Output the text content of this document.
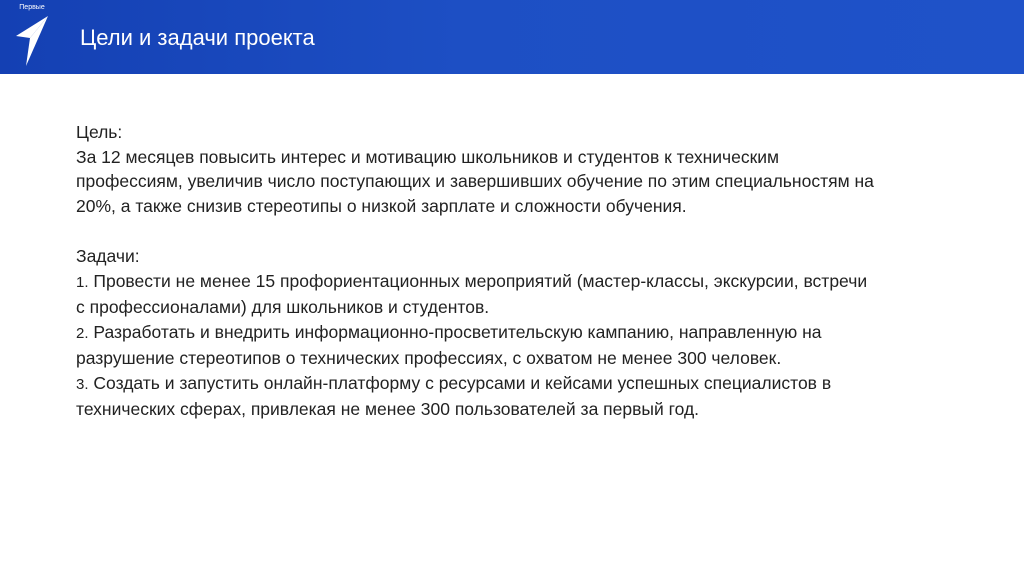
Первые
Цели и задачи проекта
Цель:
За 12 месяцев повысить интерес и мотивацию школьников и студентов к техническим профессиям, увеличив число поступающих и завершивших обучение по этим специальностям на 20%, а также снизив стереотипы о низкой зарплате и сложности обучения.
Задачи:
1. Провести не менее 15 профориентационных мероприятий (мастер-классы, экскурсии, встречи с профессионалами) для школьников и студентов.
2. Разработать и внедрить информационно-просветительскую кампанию, направленную на разрушение стереотипов о технических профессиях, с охватом не менее 300 человек.
3. Создать и запустить онлайн-платформу с ресурсами и кейсами успешных специалистов в технических сферах, привлекая не менее 300 пользователей за первый год.
